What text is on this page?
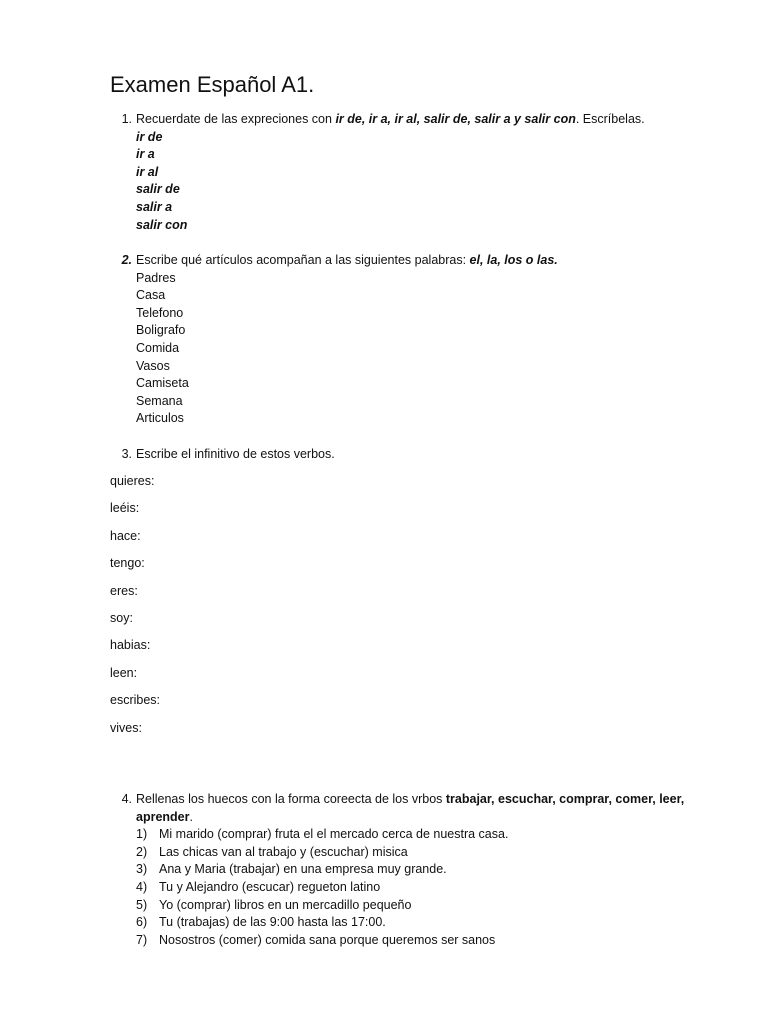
Examen Español A1.
1. Recuerdate de las expreciones con ir de, ir a, ir al, salir de, salir a y salir con. Escríbelas.
ir de
ir a
ir al
salir de
salir a
salir con
2. Escribe qué artículos acompañan a las siguientes palabras: el, la, los o las.
Padres
Casa
Telefono
Boligrafo
Comida
Vasos
Camiseta
Semana
Articulos
3. Escribe el infinitivo de estos verbos.
quieres:
leéis:
hace:
tengo:
eres:
soy:
habias:
leen:
escribes:
vives:
4. Rellenas los huecos con la forma coreecta de los vrbos trabajar, escuchar, comprar, comer, leer, aprender.
1) Mi marido (comprar) fruta el el mercado cerca de nuestra casa.
2) Las chicas van al trabajo y (escuchar) misica
3) Ana y Maria (trabajar) en una empresa muy grande.
4) Tu y Alejandro (escucar) regueton latino
5) Yo (comprar) libros en un mercadillo pequeño
6) Tu (trabajas) de las 9:00 hasta las 17:00.
7) Nosostros (comer) comida sana porque queremos ser sanos
